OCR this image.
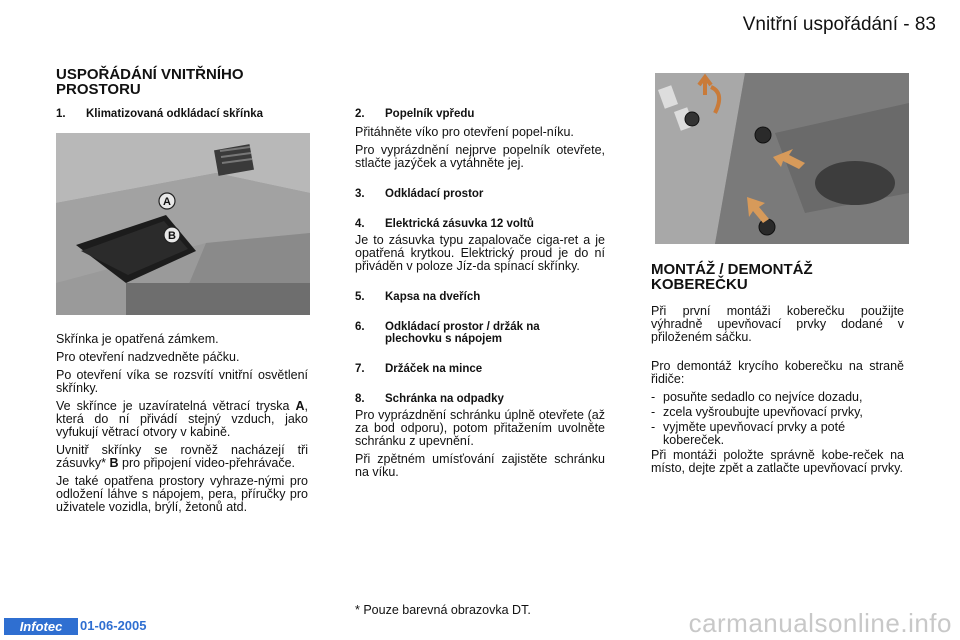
Vnitřní uspořádání - 83
USPOŘÁDÁNÍ VNITŘNÍHO
PROSTORU
1.	Klimatizovaná odkládací skřínka
A
B

Skřínka je opatřená zámkem.

Pro otevření nadzvedněte páčku.

Po otevření víka se rozsvítí vnitřní osvětlení skřínky.

Ve skřínce je uzavíratelná větrací tryska A, která do ní přivádí stejný vzduch, jako vyfukují větrací otvory v kabině.

Uvnitř skřínky se rovněž nacházejí tři zásuvky* B pro připojení video-přehrávače.

Je také opatřena prostory vyhraze-nými pro odložení láhve s nápojem, pera, příručky pro uživatele vozidla, brýlí, žetonů atd.

2.	Popelník vpředu

Přitáhněte víko pro otevření popel-níku.

Pro vyprázdnění nejprve popelník otevřete, stlačte jazýček a vytáhněte jej.

3.	Odkládací prostor
4.	Elektrická zásuvka 12 voltů

Je to zásuvka typu zapalovače ciga-ret a je opatřená krytkou. Elektrický proud je do ní přiváděn v poloze Jíz-da spínací skřínky.

5.	Kapsa na dveřích
6.	Odkládací prostor / držák na
plechovku s nápojem
7.	Držáček na mince
8.	Schránka na odpadky

Pro vyprázdnění schránku úplně otevřete (až za bod odporu), potom přitažením uvolněte schránku z upevnění.

Při zpětném umísťování zajistěte schránku na víku.

* Pouze barevná obrazovka DT.
MONTÁŽ / DEMONTÁŽ
KOBEREČKU

Při první montáži koberečku použijte výhradně upevňovací prvky dodané v přiloženém sáčku.

Pro demontáž krycího koberečku na straně řidiče:

- posuňte sedadlo co nejvíce dozadu,
- zcela vyšroubujte upevňovací prvky,
- vyjměte upevňovací prvky a poté kobereček.

Při montáži položte správně kobe-reček na místo, dejte zpět a zatlačte upevňovací prvky.

Infotec	01-06-2005	carmanualsonline.info
